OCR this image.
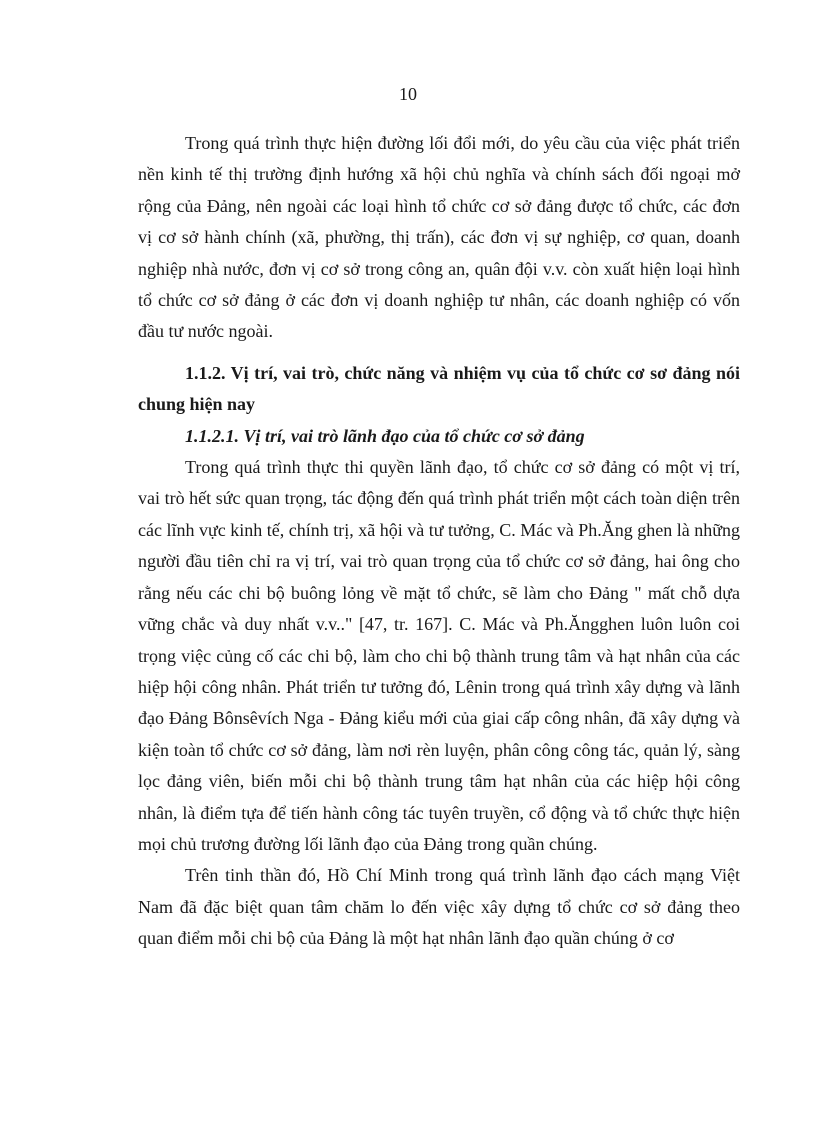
10

Trong quá trình thực hiện đường lối đổi mới, do yêu cầu của việc phát triển nền kinh tế thị trường định hướng xã hội chủ nghĩa và chính sách đối ngoại mở rộng của Đảng, nên ngoài các loại hình tổ chức cơ sở đảng được tổ chức, các đơn vị cơ sở hành chính (xã, phường, thị trấn), các đơn vị sự nghiệp, cơ quan, doanh nghiệp nhà nước, đơn vị cơ sở trong công an, quân đội v.v. còn xuất hiện loại hình tổ chức cơ sở đảng ở các đơn vị doanh nghiệp tư nhân, các doanh nghiệp có vốn đầu tư nước ngoài.

1.1.2. Vị trí, vai trò, chức năng và nhiệm vụ của tổ chức cơ sơ đảng nói chung hiện nay

1.1.2.1. Vị trí, vai trò lãnh đạo của tổ chức cơ sở đảng

Trong quá trình thực thi quyền lãnh đạo, tổ chức cơ sở đảng có một vị trí, vai trò hết sức quan trọng, tác động đến quá trình phát triển một cách toàn diện trên các lĩnh vực kinh tế, chính trị, xã hội và tư tưởng, C. Mác và Ph.Ăng ghen là những người đầu tiên chỉ ra vị trí, vai trò quan trọng của tổ chức cơ sở đảng, hai ông cho rằng nếu các chi bộ buông lỏng về mặt tổ chức, sẽ làm cho Đảng " mất chỗ dựa vững chắc và duy nhất v.v.." [47, tr. 167]. C. Mác và Ph.Ăngghen luôn luôn coi trọng việc củng cố các chi bộ, làm cho chi bộ thành trung tâm và hạt nhân của các hiệp hội công nhân. Phát triển tư tưởng đó, Lênin trong quá trình xây dựng và lãnh đạo Đảng Bônsêvích Nga - Đảng kiểu mới của giai cấp công nhân, đã xây dựng và kiện toàn tổ chức cơ sở đảng, làm nơi rèn luyện, phân công công tác, quản lý, sàng lọc đảng viên, biến mỗi chi bộ thành trung tâm hạt nhân của các hiệp hội công nhân, là điểm tựa để tiến hành công tác tuyên truyền, cổ động và tổ chức thực hiện mọi chủ trương đường lối lãnh đạo của Đảng trong quần chúng.

Trên tinh thần đó, Hồ Chí Minh trong quá trình lãnh đạo cách mạng Việt Nam đã đặc biệt quan tâm chăm lo đến việc xây dựng tổ chức cơ sở đảng theo quan điểm mỗi chi bộ của Đảng là một hạt nhân lãnh đạo quần chúng ở cơ
